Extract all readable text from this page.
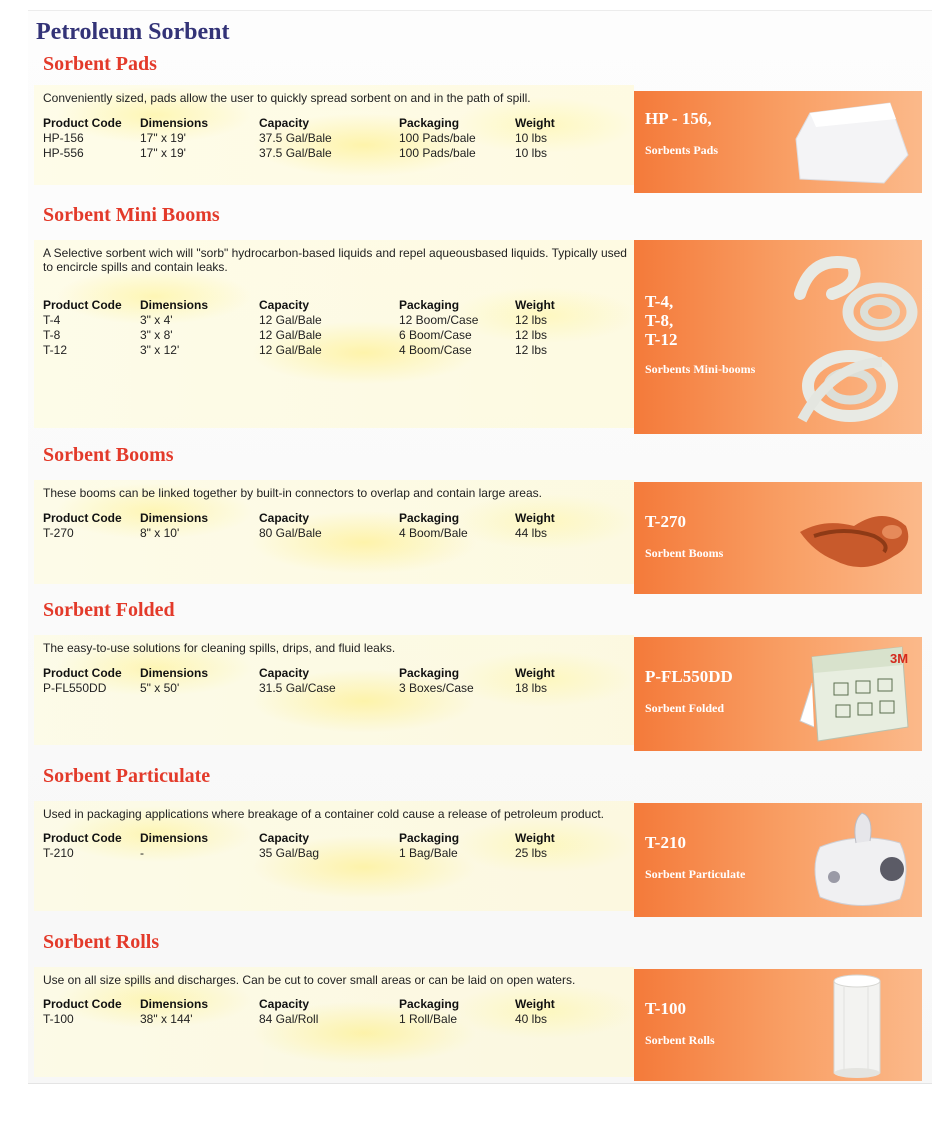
Petroleum Sorbent
Sorbent Pads
Conveniently sized, pads allow the user to quickly spread sorbent on and in the path of spill.
Product Code
HP-156
HP-556
Dimensions
17" x 19'
17" x 19'
Capacity
37.5 Gal/Bale
37.5 Gal/Bale
Packaging
100 Pads/bale
100 Pads/bale
Weight
10 lbs
10 lbs
HP - 156,
Sorbents Pads
Sorbent Mini Booms
A Selective sorbent wich will "sorb" hydrocarbon-based liquids and repel aqueousbased liquids. Typically used to encircle spills and contain leaks.
Product Code
T-4
T-8
T-12
Dimensions
3" x 4'
3" x 8'
3" x 12'
Capacity
12 Gal/Bale
12 Gal/Bale
12 Gal/Bale
Packaging
12 Boom/Case
6 Boom/Case
4 Boom/Case
Weight
12 lbs
12 lbs
12 lbs
T-4,
T-8,
T-12
Sorbents Mini-booms
Sorbent Booms
These booms can be linked together by built-in connectors to overlap and contain large areas.
Product Code
T-270
Dimensions
8" x 10'
Capacity
80 Gal/Bale
Packaging
4 Boom/Bale
Weight
44 lbs
T-270
Sorbent Booms
Sorbent Folded
The easy-to-use solutions for cleaning spills, drips, and fluid leaks.
Product Code
P-FL550DD
Dimensions
5" x 50'
Capacity
31.5 Gal/Case
Packaging
3 Boxes/Case
Weight
18 lbs
P-FL550DD
Sorbent Folded
3M
Sorbent Particulate
Used in packaging applications where breakage of a container cold cause a release of petroleum product.
Product Code
T-210
Dimensions
-
Capacity
35 Gal/Bag
Packaging
1 Bag/Bale
Weight
25 lbs
T-210
Sorbent Particulate
Sorbent Rolls
Use on all size spills and discharges. Can be cut to cover small areas or can be laid on open waters.
Product Code
T-100
Dimensions
38" x 144'
Capacity
84 Gal/Roll
Packaging
1 Roll/Bale
Weight
40 lbs
T-100
Sorbent Rolls
